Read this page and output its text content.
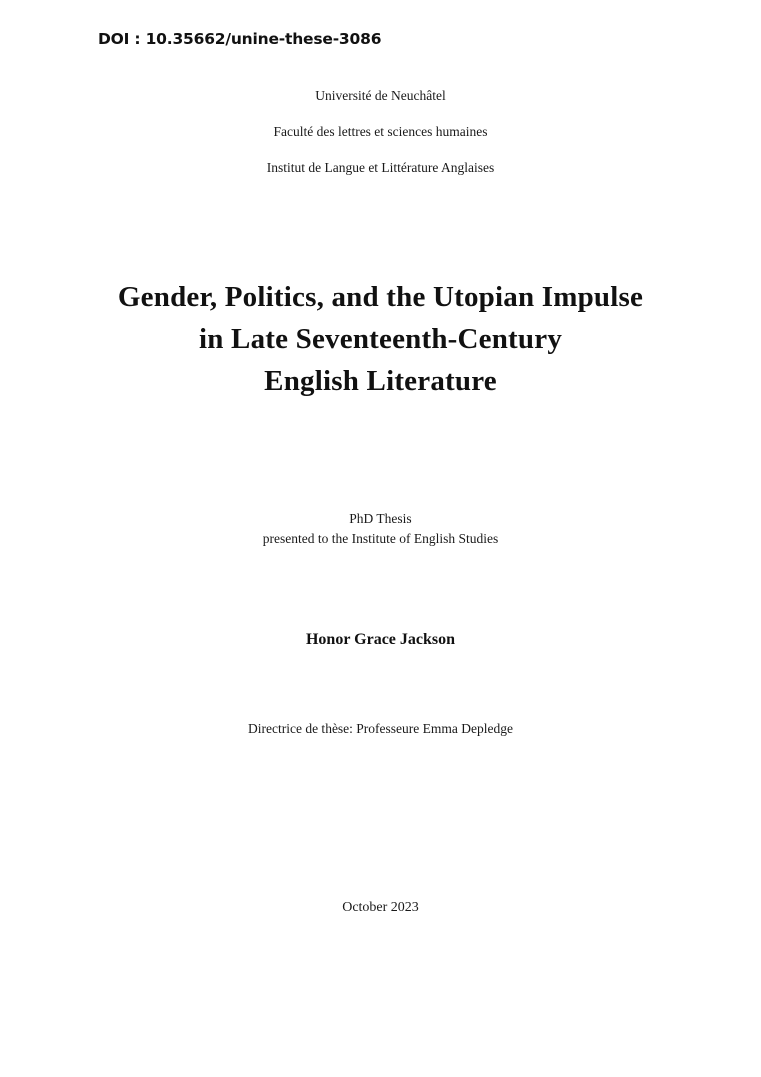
DOI : 10.35662/unine-these-3086
Université de Neuchâtel
Faculté des lettres et sciences humaines
Institut de Langue et Littérature Anglaises
Gender, Politics, and the Utopian Impulse
in Late Seventeenth-Century
English Literature
PhD Thesis
presented to the Institute of English Studies
Honor Grace Jackson
Directrice de thèse: Professeure Emma Depledge
October 2023
